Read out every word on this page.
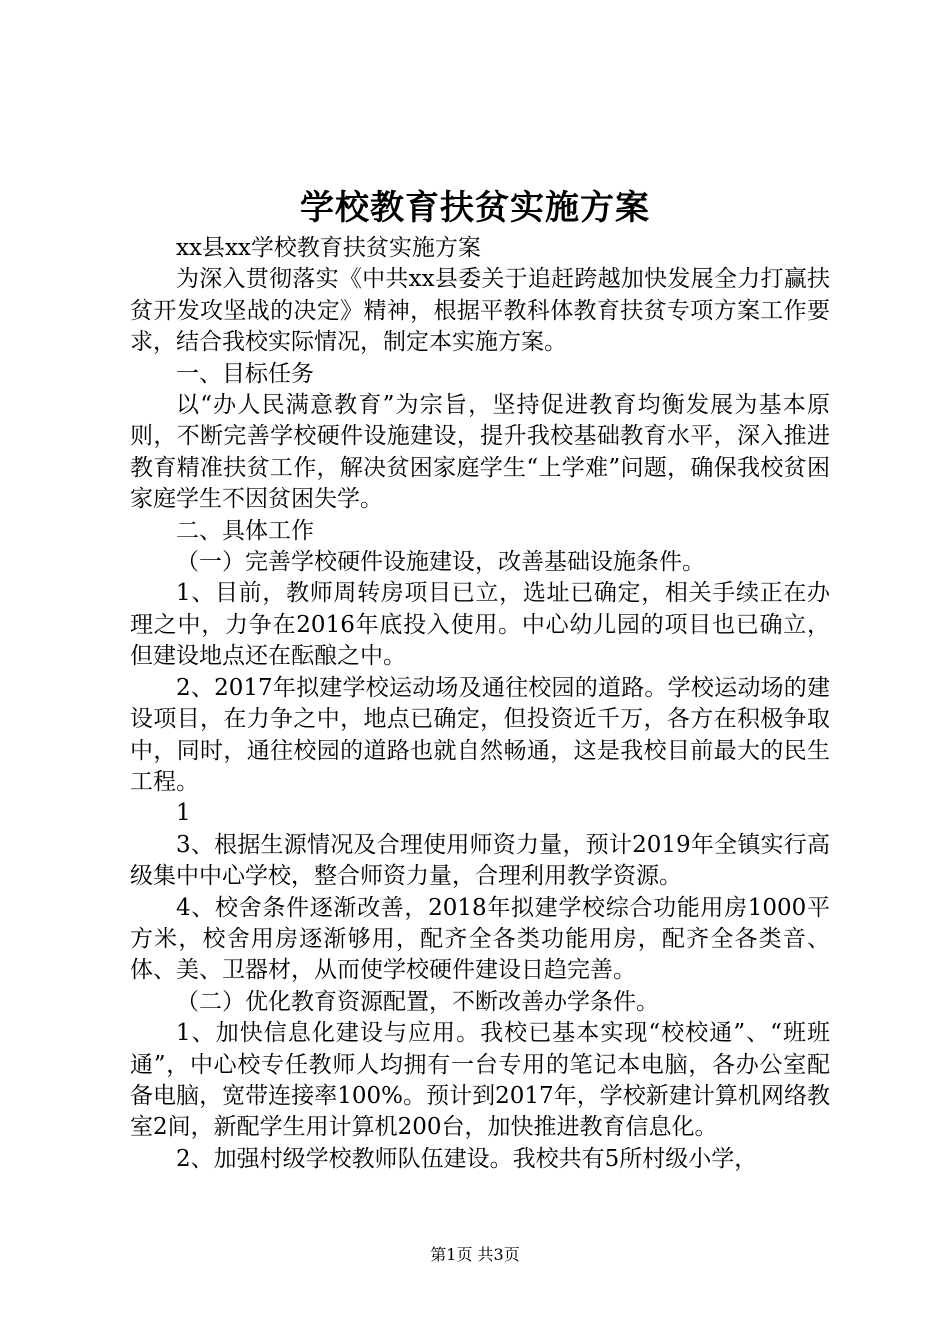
学校教育扶贫实施方案

xx县xx学校教育扶贫实施方案

为深入贯彻落实《中共xx县委关于追赶跨越加快发展全力打赢扶贫开发攻坚战的决定》精神，根据平教科体教育扶贫专项方案工作要求，结合我校实际情况，制定本实施方案。

一、目标任务

以“办人民满意教育”为宗旨，坚持促进教育均衡发展为基本原则，不断完善学校硬件设施建设，提升我校基础教育水平，深入推进教育精准扶贫工作，解决贫困家庭学生“上学难”问题，确保我校贫困家庭学生不因贫困失学。

二、具体工作

（一）完善学校硬件设施建设，改善基础设施条件。

1、目前，教师周转房项目已立，选址已确定，相关手续正在办理之中，力争在2016年底投入使用。中心幼儿园的项目也已确立，但建设地点还在酝酿之中。

2、2017年拟建学校运动场及通往校园的道路。学校运动场的建设项目，在力争之中，地点已确定，但投资近千万，各方在积极争取中，同时，通往校园的道路也就自然畅通，这是我校目前最大的民生工程。

1

3、根据生源情况及合理使用师资力量，预计2019年全镇实行高级集中中心学校，整合师资力量，合理利用教学资源。

4、校舍条件逐渐改善，2018年拟建学校综合功能用房1000平方米，校舍用房逐渐够用，配齐全各类功能用房，配齐全各类音、体、美、卫器材，从而使学校硬件建设日趋完善。

（二）优化教育资源配置，不断改善办学条件。

1、加快信息化建设与应用。我校已基本实现“校校通”、“班班通”，中心校专任教师人均拥有一台专用的笔记本电脑，各办公室配备电脑，宽带连接率100%。预计到2017年，学校新建计算机网络教室2间，新配学生用计算机200台，加快推进教育信息化。

2、加强村级学校教师队伍建设。我校共有5所村级小学，

第1页 共3页
